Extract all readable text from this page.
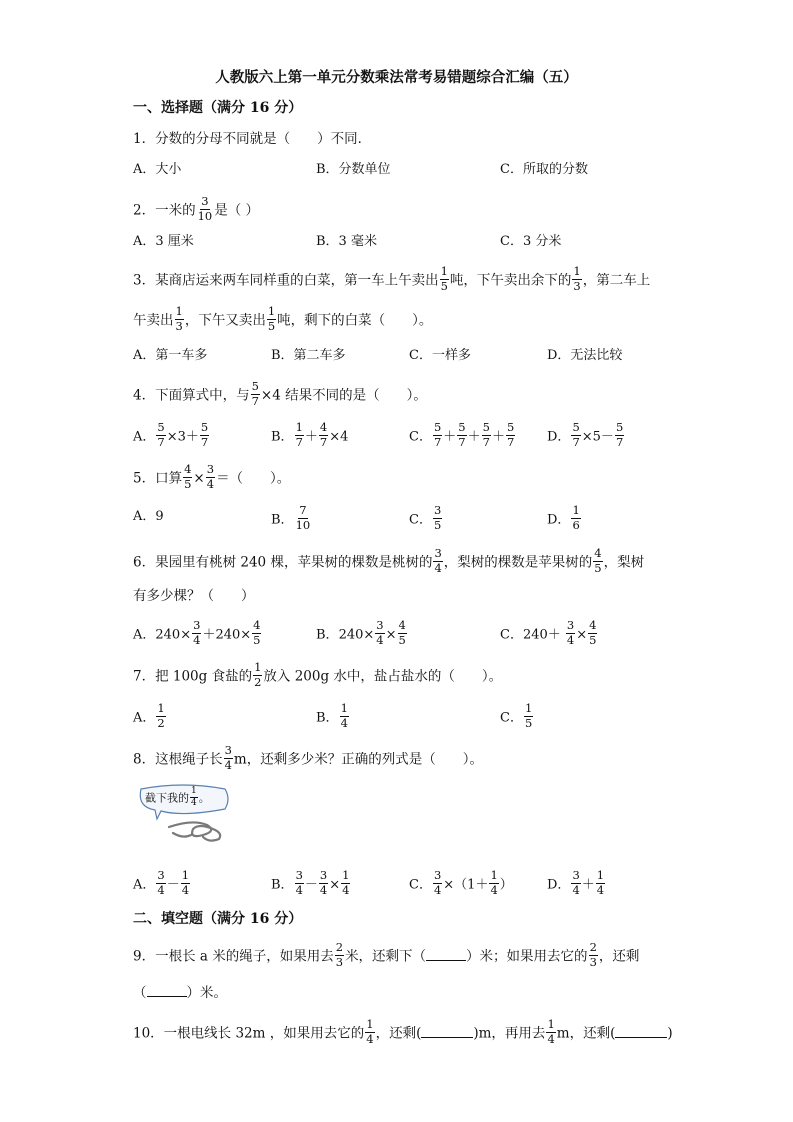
人教版六上第一单元分数乘法常考易错题综合汇编（五）
一、选择题（满分 16 分）
1．分数的分母不同就是（　　）不同．
A．大小	B．分数单位	C．所取的分数
2．一米的 $\frac{3}{10}$ 是（ ）
A．3 厘米	B．3 毫米	C．3 分米
3．某商店运来两车同样重的白菜，第一车上午卖出 $\frac{1}{5}$ 吨，下午卖出余下的 $\frac{1}{3}$ ，第二车上
午卖出 $\frac{1}{3}$ ，下午又卖出 $\frac{1}{5}$ 吨，剩下的白菜（　　）。
A．第一车多	B．第二车多	C．一样多	D．无法比较
4．下面算式中，与 $\frac{5}{7} \times 4$ 结果不同的是（　　）。
A． $\frac{5}{7} \times 3+ \frac{5}{7}$	B． $\frac{1}{7} + \frac{4}{7} \times 4$	C． $\frac{5}{7} + \frac{5}{7} + \frac{5}{7} + \frac{5}{7}$ D． $\frac{5}{7} \times 5- \frac{5}{7}$
5．口算 $\frac{4}{5} \times \frac{3}{4}$ ＝（　　）。
A．9	B． $\frac{7}{10}$	C． $\frac{3}{5}$	D． $\frac{1}{6}$
6．果园里有桃树 240 棵，苹果树的棵数是桃树的 $\frac{3}{4}$ ，梨树的棵数是苹果树的 $\frac{4}{5}$ ，梨树
有多少棵？（　　）
A．$240\times \frac{3}{4} +240\times \frac{4}{5}$	B．$240\times \frac{3}{4} \times \frac{4}{5}$	C．$240+ \frac{3}{4} \times \frac{4}{5}$
7．把 100g 食盐的 $\frac{1}{2}$ 放入 200g 水中，盐占盐水的（　　）。
A． $\frac{1}{2}$	B． $\frac{1}{4}$	C． $\frac{1}{5}$
8．这根绳子长 $\frac{3}{4}$ m，还剩多少米？正确的列式是（　　）。
截下我的 $\frac{1}{4}$ 。
A． $\frac{3}{4} - \frac{1}{4}$	B． $\frac{3}{4} - \frac{3}{4} \times \frac{1}{4}$	C． $\frac{3}{4} \times(1+ \frac{1}{4}$ ）	D． $\frac{3}{4} + \frac{1}{4}$
二、填空题（满分 16 分）
9．一根长 a 米的绳子，如果用去 $\frac{2}{3}$ 米，还剩下（	）米；如果用去它的 $\frac{2}{3}$ ，还剩
（	）米。
10．一根电线长 32m ，如果用去它的 $\frac{1}{4}$ ，还剩(	)m，再用去 $\frac{1}{4}$ m，还剩(	)
